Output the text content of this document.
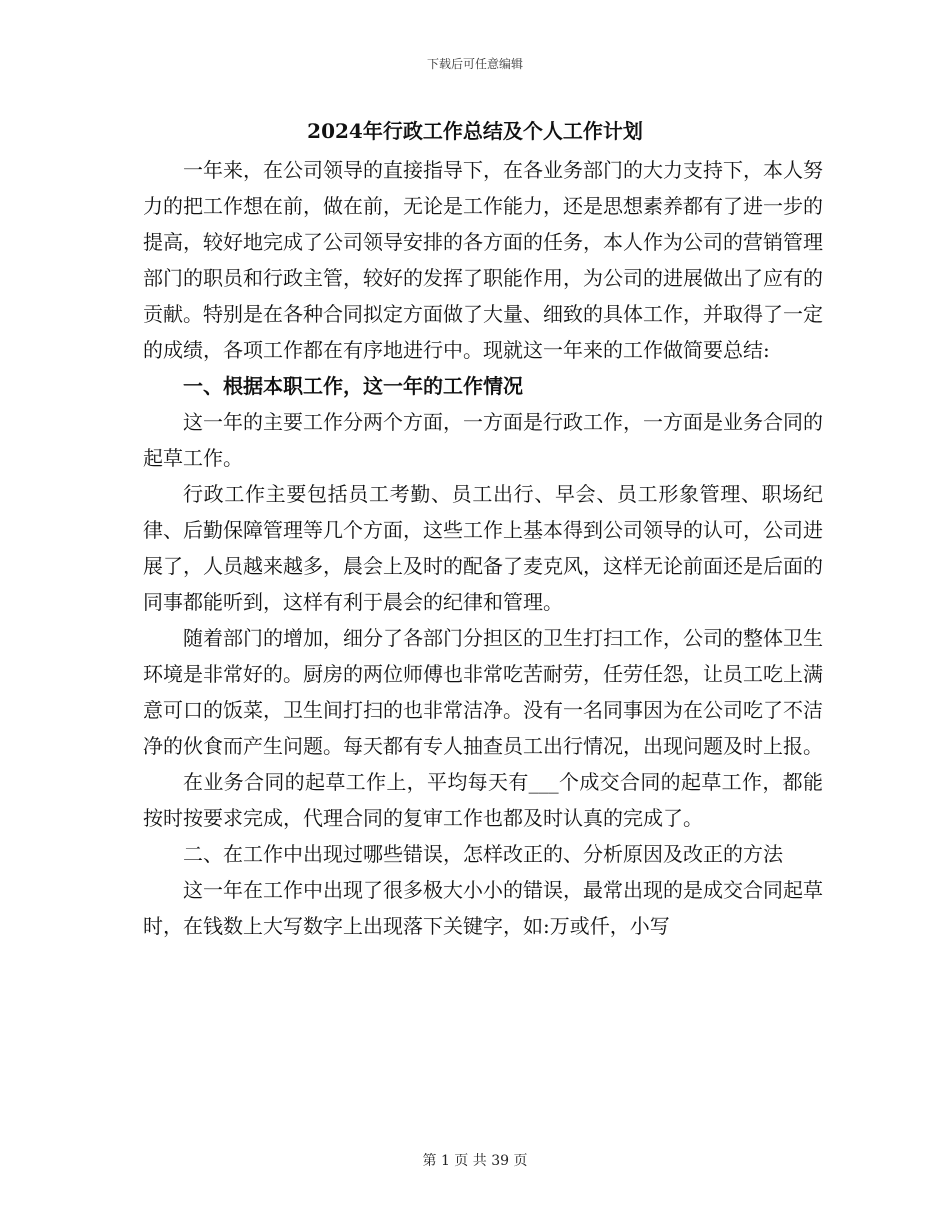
下载后可任意编辑
2024年行政工作总结及个人工作计划

一年来，在公司领导的直接指导下，在各业务部门的大力支持下，本人努力的把工作想在前，做在前，无论是工作能力，还是思想素养都有了进一步的提高，较好地完成了公司领导安排的各方面的任务，本人作为公司的营销管理部门的职员和行政主管，较好的发挥了职能作用，为公司的进展做出了应有的贡献。特别是在各种合同拟定方面做了大量、细致的具体工作，并取得了一定的成绩，各项工作都在有序地进行中。现就这一年来的工作做简要总结:

一、根据本职工作，这一年的工作情况

这一年的主要工作分两个方面，一方面是行政工作，一方面是业务合同的起草工作。

行政工作主要包括员工考勤、员工出行、早会、员工形象管理、职场纪律、后勤保障管理等几个方面，这些工作上基本得到公司领导的认可，公司进展了，人员越来越多，晨会上及时的配备了麦克风，这样无论前面还是后面的同事都能听到，这样有利于晨会的纪律和管理。

随着部门的增加，细分了各部门分担区的卫生打扫工作，公司的整体卫生环境是非常好的。厨房的两位师傅也非常吃苦耐劳，任劳任怨，让员工吃上满意可口的饭菜，卫生间打扫的也非常洁净。没有一名同事因为在公司吃了不洁净的伙食而产生问题。每天都有专人抽查员工出行情况，出现问题及时上报。

在业务合同的起草工作上，平均每天有___个成交合同的起草工作，都能按时按要求完成，代理合同的复审工作也都及时认真的完成了。

二、在工作中出现过哪些错误，怎样改正的、分析原因及改正的方法

这一年在工作中出现了很多极大小小的错误，最常出现的是成交合同起草时，在钱数上大写数字上出现落下关键字，如:万或仟，小写

第 1 页 共 39 页
